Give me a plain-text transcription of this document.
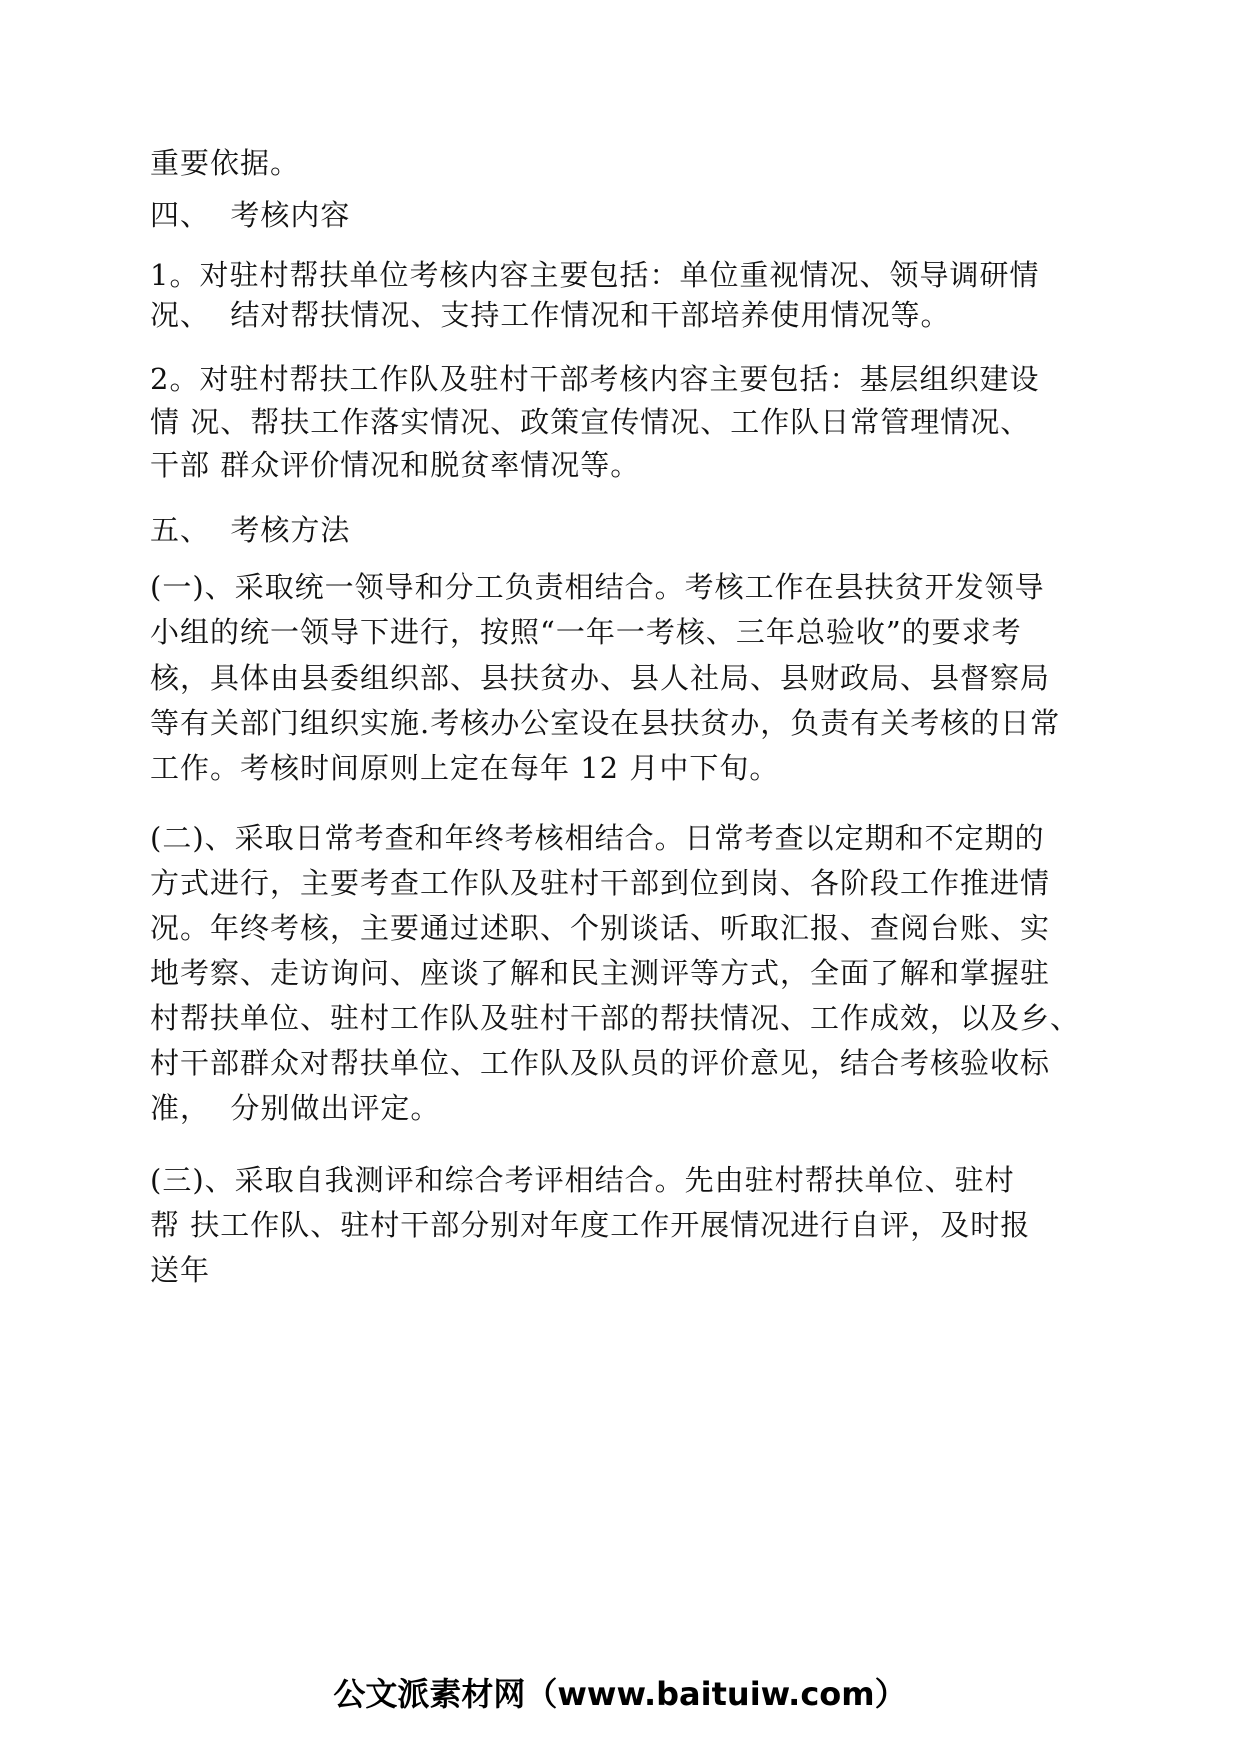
重要依据。
四、  考核内容
1。对驻村帮扶单位考核内容主要包括：单位重视情况、领导调研情
况、  结对帮扶情况、支持工作情况和干部培养使用情况等。
2。对驻村帮扶工作队及驻村干部考核内容主要包括：基层组织建设
情 况、帮扶工作落实情况、政策宣传情况、工作队日常管理情况、
干部 群众评价情况和脱贫率情况等。
五、  考核方法
(一)、采取统一领导和分工负责相结合。考核工作在县扶贫开发领导
小组的统一领导下进行，按照“一年一考核、三年总验收”的要求考
核，具体由县委组织部、县扶贫办、县人社局、县财政局、县督察局
等有关部门组织实施.考核办公室设在县扶贫办，负责有关考核的日常
工作。考核时间原则上定在每年 12 月中下旬。
(二)、采取日常考查和年终考核相结合。日常考查以定期和不定期的
方式进行，主要考查工作队及驻村干部到位到岗、各阶段工作推进情
况。年终考核，主要通过述职、个别谈话、听取汇报、查阅台账、实
地考察、走访询问、座谈了解和民主测评等方式，全面了解和掌握驻
村帮扶单位、驻村工作队及驻村干部的帮扶情况、工作成效，以及乡、
村干部群众对帮扶单位、工作队及队员的评价意见，结合考核验收标
准，  分别做出评定。
(三)、采取自我测评和综合考评相结合。先由驻村帮扶单位、驻村
帮 扶工作队、驻村干部分别对年度工作开展情况进行自评，及时报
送年
公文派素材网（www.baituiw.com）
